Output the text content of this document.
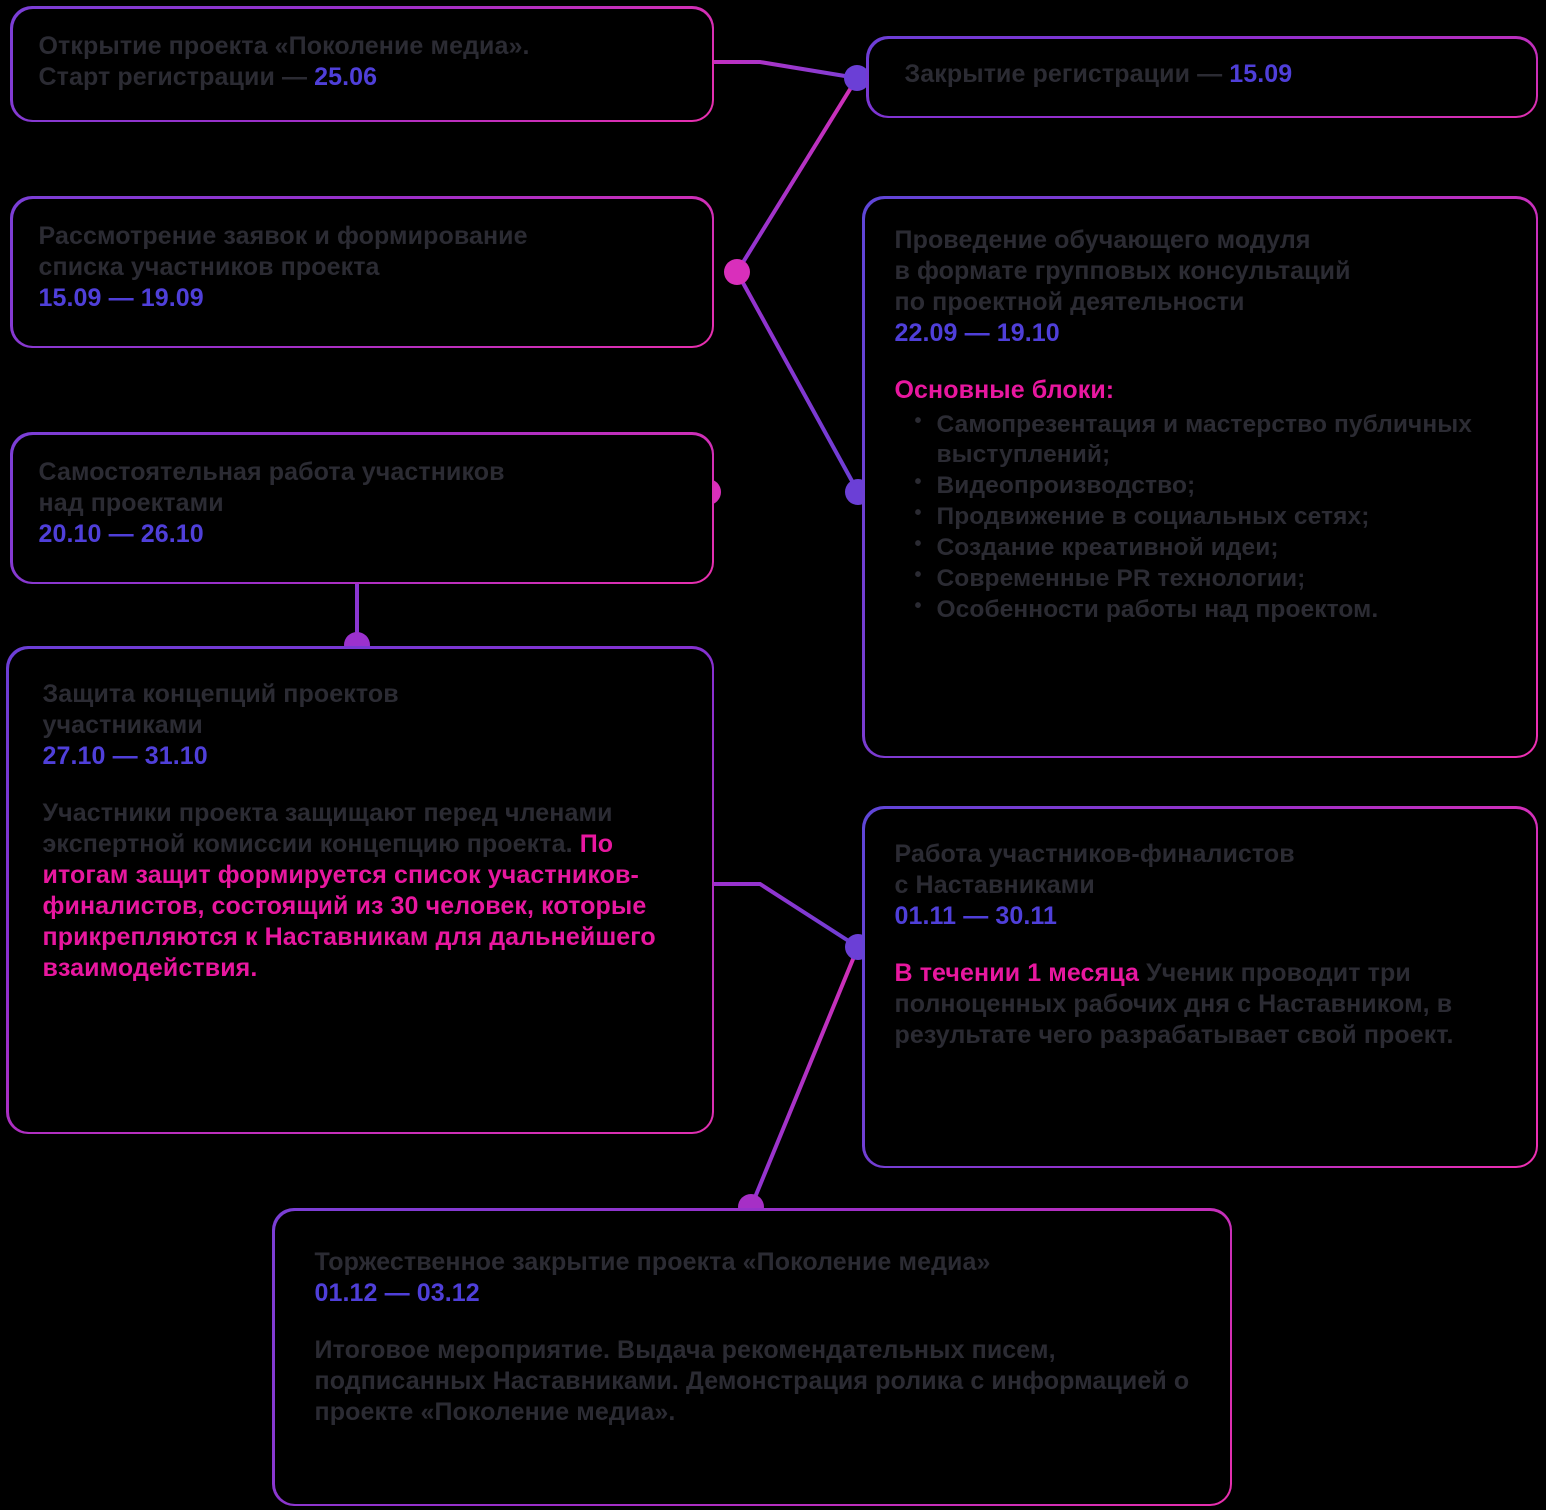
Открытие проекта «Поколение медиа».
Старт регистрации — 25.06	Закрытие регистрации — 15.09
Рассмотрение заявок и формирование
списка участников проекта
15.09 — 19.09
Проведение обучающего модуля
в формате групповых консультаций
по проектной деятельности
22.09 — 19.10
Основные блоки:
• Самопрезентация и мастерство публичных выступлений;
• Видеопроизводство;
• Продвижение в социальных сетях;
• Создание креативной идеи;
• Современные PR технологии;
• Особенности работы над проектом.
Самостоятельная работа участников
над проектами
20.10 — 26.10
Защита концепций проектов
участниками
27.10 — 31.10
Участники проекта защищают перед членами экспертной комиссии концепцию проекта. По итогам защит формируется список участников-финалистов, состоящий из 30 человек, которые прикрепляются к Наставникам для дальнейшего взаимодействия.
Работа участников-финалистов
с Наставниками
01.11 — 30.11
В течении 1 месяца Ученик проводит три полноценных рабочих дня с Наставником, в результате чего разрабатывает свой проект.
Торжественное закрытие проекта «Поколение медиа»
01.12 — 03.12
Итоговое мероприятие. Выдача рекомендательных писем, подписанных Наставниками. Демонстрация ролика с информацией о проекте «Поколение медиа».
